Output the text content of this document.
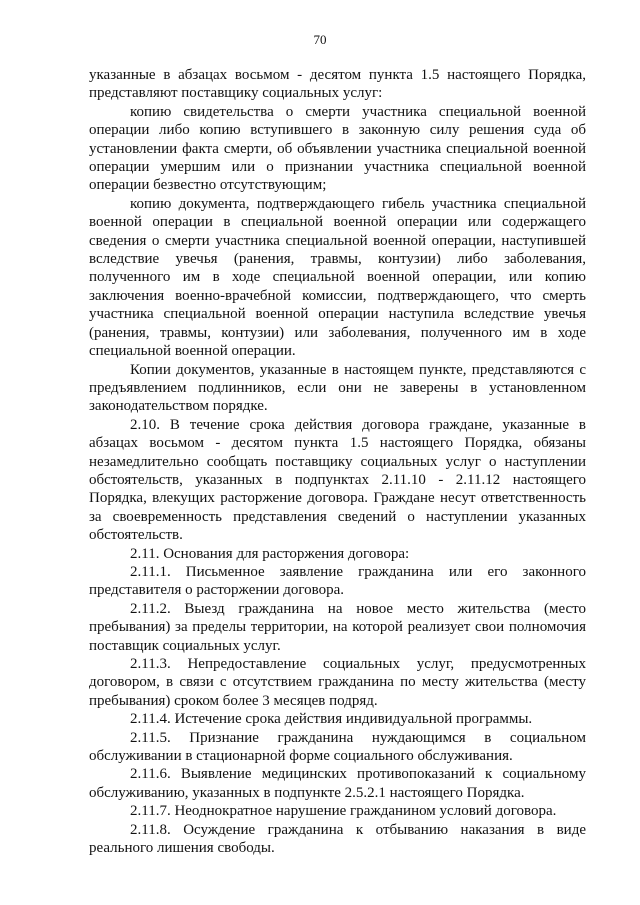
70

указанные в абзацах восьмом - десятом пункта 1.5 настоящего Порядка, представляют поставщику социальных услуг:

копию свидетельства о смерти участника специальной военной операции либо копию вступившего в законную силу решения суда об установлении факта смерти, об объявлении участника специальной военной операции умершим или о признании участника специальной военной операции безвестно отсутствующим;

копию документа, подтверждающего гибель участника специальной военной операции в специальной военной операции или содержащего сведения о смерти участника специальной военной операции, наступившей вследствие увечья (ранения, травмы, контузии) либо заболевания, полученного им в ходе специальной военной операции, или копию заключения военно-врачебной комиссии, подтверждающего, что смерть участника специальной военной операции наступила вследствие увечья (ранения, травмы, контузии) или заболевания, полученного им в ходе специальной военной операции.

Копии документов, указанные в настоящем пункте, представляются с предъявлением подлинников, если они не заверены в установленном законодательством порядке.

2.10. В течение срока действия договора граждане, указанные в абзацах восьмом - десятом пункта 1.5 настоящего Порядка, обязаны незамедлительно сообщать поставщику социальных услуг о наступлении обстоятельств, указанных в подпунктах 2.11.10 - 2.11.12 настоящего Порядка, влекущих расторжение договора. Граждане несут ответственность за своевременность представления сведений о наступлении указанных обстоятельств.

2.11. Основания для расторжения договора:

2.11.1. Письменное заявление гражданина или его законного представителя о расторжении договора.

2.11.2. Выезд гражданина на новое место жительства (место пребывания) за пределы территории, на которой реализует свои полномочия поставщик социальных услуг.

2.11.3. Непредоставление социальных услуг, предусмотренных договором, в связи с отсутствием гражданина по месту жительства (месту пребывания) сроком более 3 месяцев подряд.

2.11.4. Истечение срока действия индивидуальной программы.

2.11.5. Признание гражданина нуждающимся в социальном обслуживании в стационарной форме социального обслуживания.

2.11.6. Выявление медицинских противопоказаний к социальному обслуживанию, указанных в подпункте 2.5.2.1 настоящего Порядка.

2.11.7. Неоднократное нарушение гражданином условий договора.

2.11.8. Осуждение гражданина к отбыванию наказания в виде реального лишения свободы.
